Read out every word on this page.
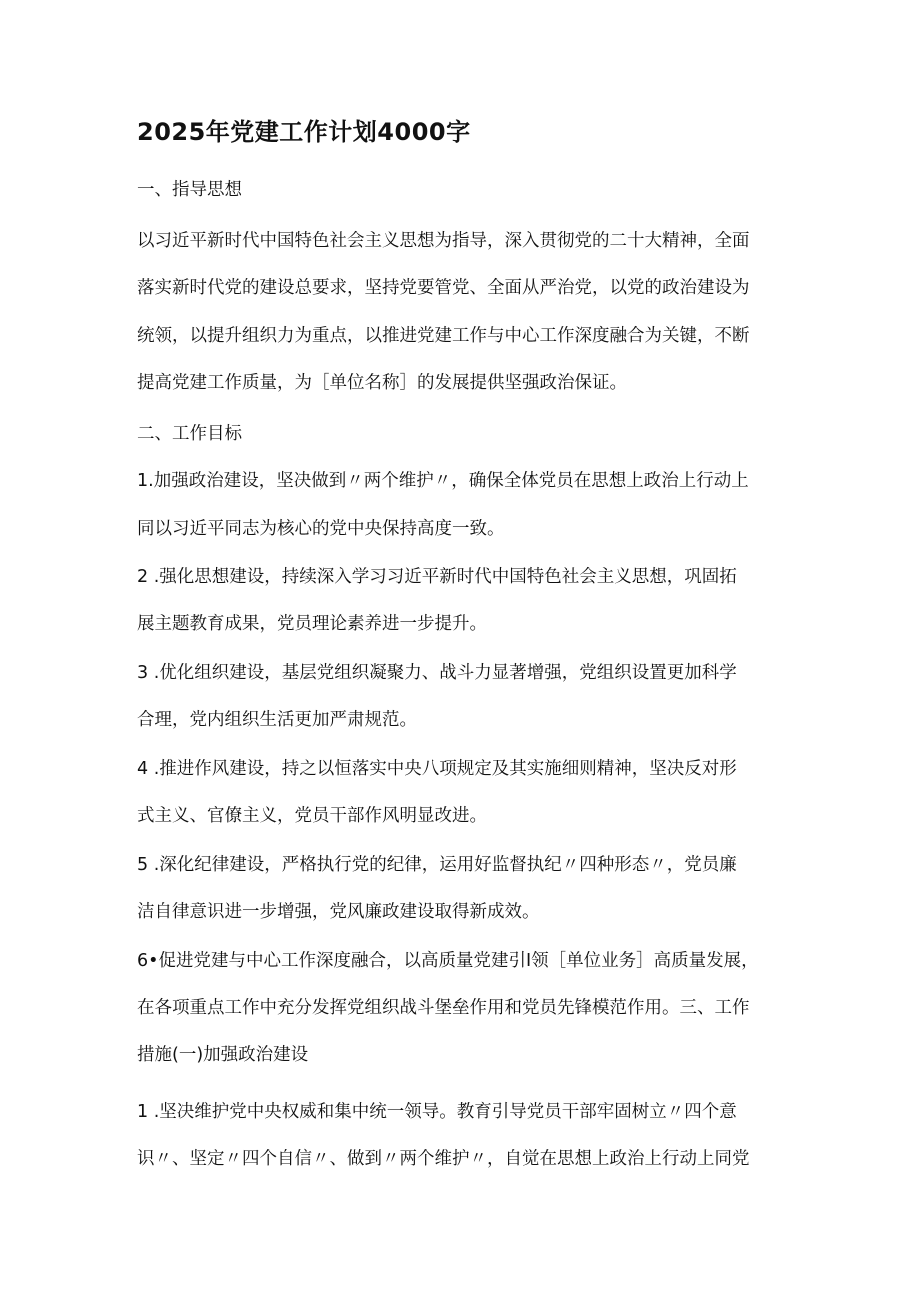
2025年党建工作计划4000字
一、指导思想
以习近平新时代中国特色社会主义思想为指导，深入贯彻党的二十大精神，全面
落实新时代党的建设总要求，坚持党要管党、全面从严治党，以党的政治建设为
统领，以提升组织力为重点，以推进党建工作与中心工作深度融合为关键，不断
提高党建工作质量，为［单位名称］的发展提供坚强政治保证。
二、工作目标
1.加强政治建设，坚决做到〃两个维护〃，确保全体党员在思想上政治上行动上
同以习近平同志为核心的党中央保持高度一致。
2 .强化思想建设，持续深入学习习近平新时代中国特色社会主义思想，巩固拓
展主题教育成果，党员理论素养进一步提升。
3 .优化组织建设，基层党组织凝聚力、战斗力显著增强，党组织设置更加科学
合理，党内组织生活更加严肃规范。
4 .推进作风建设，持之以恒落实中央八项规定及其实施细则精神，坚决反对形
式主义、官僚主义，党员干部作风明显改进。
5 .深化纪律建设，严格执行党的纪律，运用好监督执纪〃四种形态〃，党员廉
洁自律意识进一步增强，党风廉政建设取得新成效。
6•促进党建与中心工作深度融合，以高质量党建引I领［单位业务］高质量发展，
在各项重点工作中充分发挥党组织战斗堡垒作用和党员先锋模范作用。三、工作
措施(一)加强政治建设
1 .坚决维护党中央权威和集中统一领导。教育引导党员干部牢固树立〃四个意
识〃、坚定〃四个自信〃、做到〃两个维护〃，自觉在思想上政治上行动上同党
